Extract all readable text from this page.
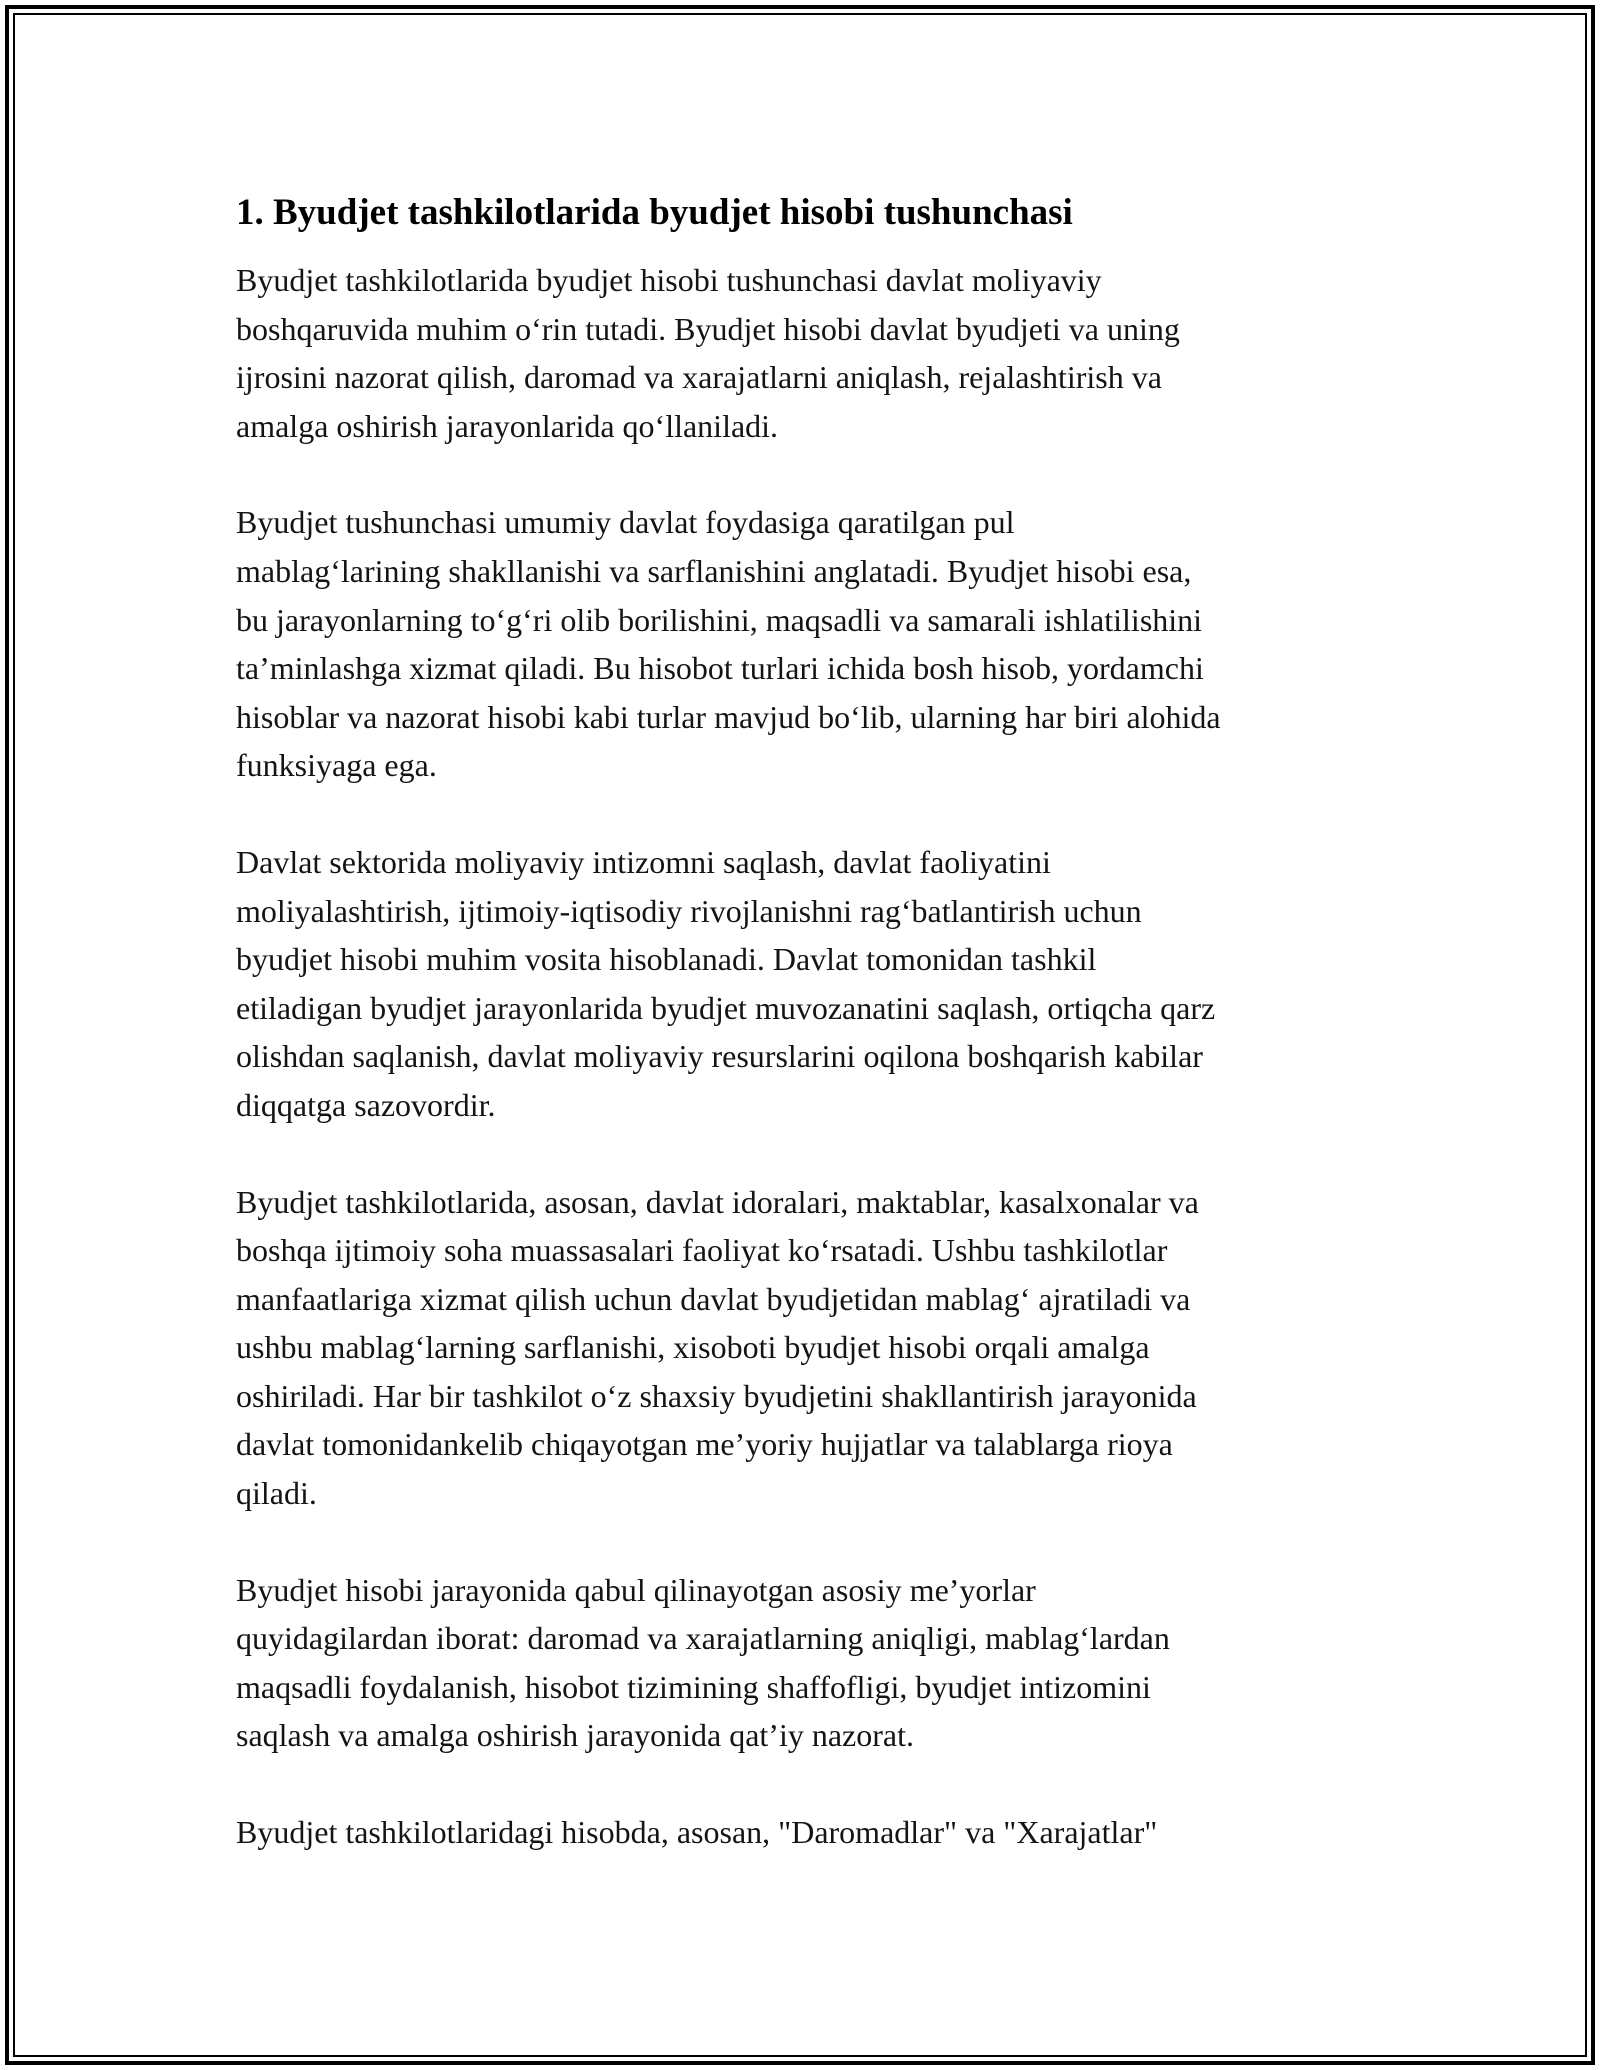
1. Byudjet tashkilotlarida byudjet hisobi tushunchasi

Byudjet tashkilotlarida byudjet hisobi tushunchasi davlat moliyaviy
boshqaruvida muhim o‘rin tutadi. Byudjet hisobi davlat byudjeti va uning
ijrosini nazorat qilish, daromad va xarajatlarni aniqlash, rejalashtirish va
amalga oshirish jarayonlarida qo‘llaniladi.

Byudjet tushunchasi umumiy davlat foydasiga qaratilgan pul
mablag‘larining shakllanishi va sarflanishini anglatadi. Byudjet hisobi esa,
bu jarayonlarning to‘g‘ri olib borilishini, maqsadli va samarali ishlatilishini
ta’minlashga xizmat qiladi. Bu hisobot turlari ichida bosh hisob, yordamchi
hisoblar va nazorat hisobi kabi turlar mavjud bo‘lib, ularning har biri alohida
funksiyaga ega.

Davlat sektorida moliyaviy intizomni saqlash, davlat faoliyatini
moliyalashtirish, ijtimoiy-iqtisodiy rivojlanishni rag‘batlantirish uchun
byudjet hisobi muhim vosita hisoblanadi. Davlat tomonidan tashkil
etiladigan byudjet jarayonlarida byudjet muvozanatini saqlash, ortiqcha qarz
olishdan saqlanish, davlat moliyaviy resurslarini oqilona boshqarish kabilar
diqqatga sazovordir.

Byudjet tashkilotlarida, asosan, davlat idoralari, maktablar, kasalxonalar va
boshqa ijtimoiy soha muassasalari faoliyat ko‘rsatadi. Ushbu tashkilotlar
manfaatlariga xizmat qilish uchun davlat byudjetidan mablag‘ ajratiladi va
ushbu mablag‘larning sarflanishi, xisoboti byudjet hisobi orqali amalga
oshiriladi. Har bir tashkilot o‘z shaxsiy byudjetini shakllantirish jarayonida
davlat tomonidankelib chiqayotgan me’yoriy hujjatlar va talablarga rioya
qiladi.

Byudjet hisobi jarayonida qabul qilinayotgan asosiy me’yorlar
quyidagilardan iborat: daromad va xarajatlarning aniqligi, mablag‘lardan
maqsadli foydalanish, hisobot tizimining shaffofligi, byudjet intizomini
saqlash va amalga oshirish jarayonida qat’iy nazorat.

Byudjet tashkilotlaridagi hisobda, asosan, "Daromadlar" va "Xarajatlar"
